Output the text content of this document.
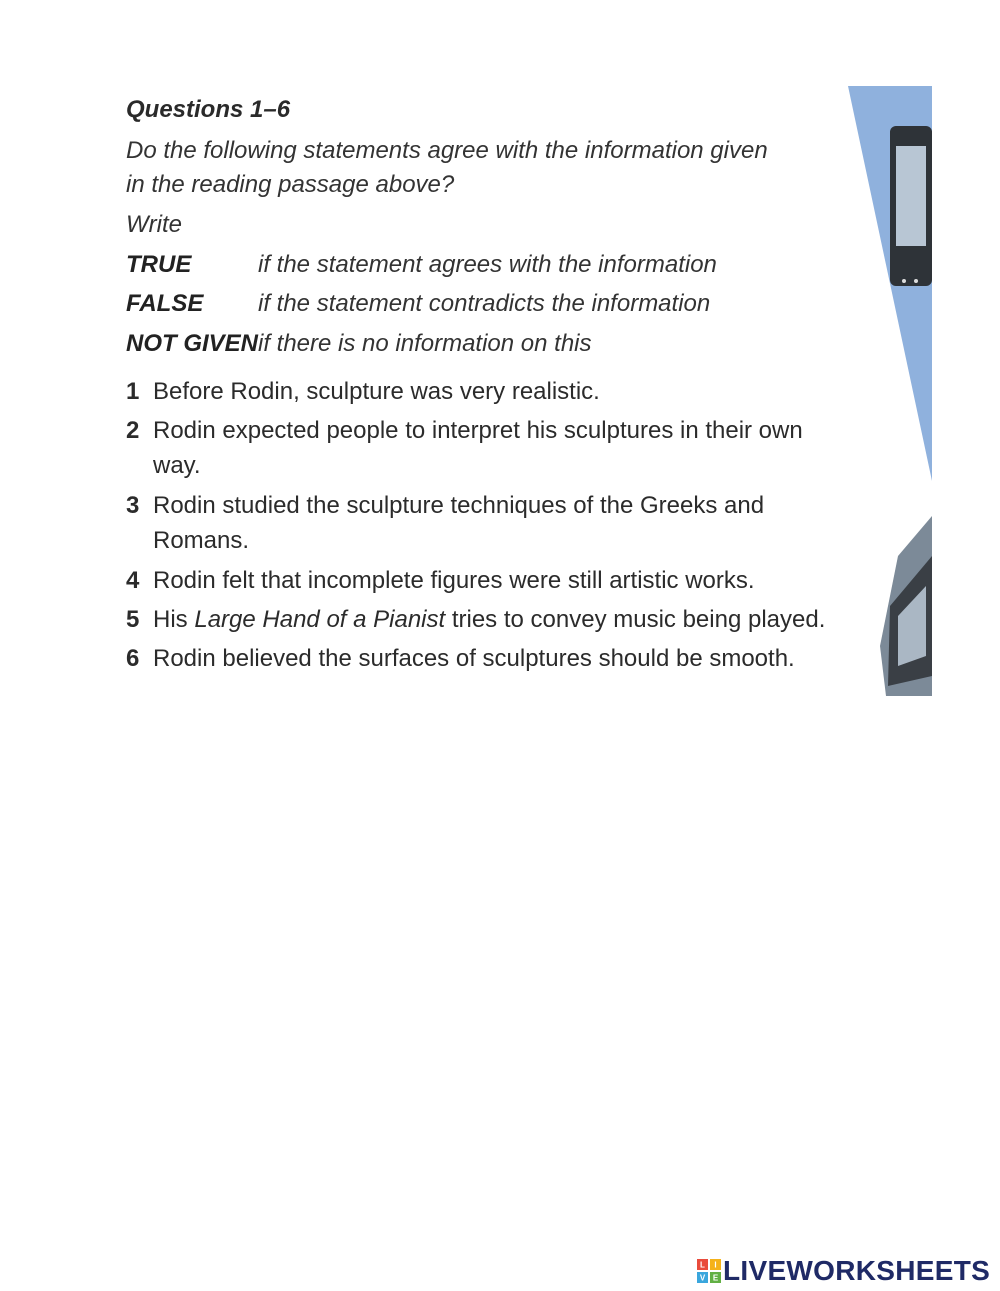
Questions 1–6
Do the following statements agree with the information given
in the reading passage above?
Write
TRUE	if the statement agrees with the information
FALSE if the statement contradicts the information
NOT GIVENif there is no information on this
1 Before Rodin, sculpture was very realistic.
2 Rodin expected people to interpret his sculptures in their own way.
3 Rodin studied the sculpture techniques of the Greeks and Romans.
4 Rodin felt that incomplete figures were still artistic works.
5 His Large Hand of a Pianist tries to convey music being played.
6 Rodin believed the surfaces of sculptures should be smooth.
L I
V E LIVEWORKSHEETS
